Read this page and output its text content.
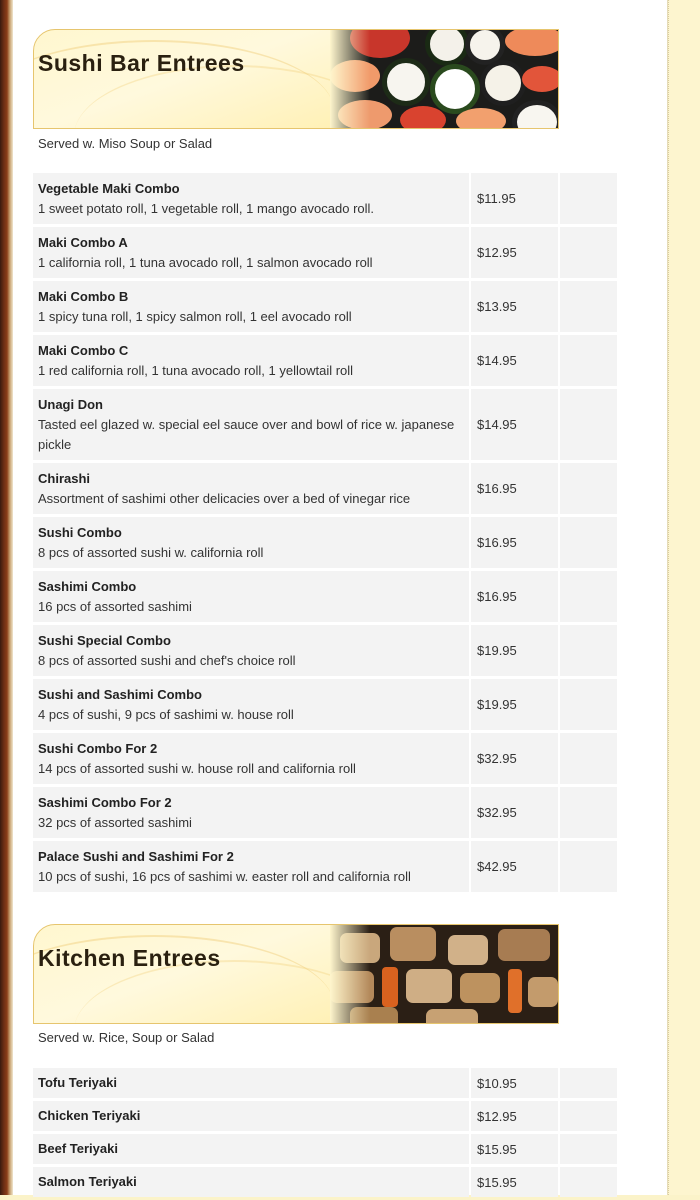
Sushi Bar Entrees

Served w. Miso Soup or Salad

Vegetable Maki Combo
1 sweet potato roll, 1 vegetable roll, 1 mango avocado roll.
$11.95
Maki Combo A
1 california roll, 1 tuna avocado roll, 1 salmon avocado roll
$12.95
Maki Combo B
1 spicy tuna roll, 1 spicy salmon roll, 1 eel avocado roll
$13.95
Maki Combo C
1 red california roll, 1 tuna avocado roll, 1 yellowtail roll
$14.95
Unagi Don
Tasted eel glazed w. special eel sauce over and bowl of rice w. japanese pickle
$14.95
Chirashi
Assortment of sashimi other delicacies over a bed of vinegar rice
$16.95
Sushi Combo
8 pcs of assorted sushi w. california roll
$16.95
Sashimi Combo
16 pcs of assorted sashimi
$16.95
Sushi Special Combo
8 pcs of assorted sushi and chef's choice roll
$19.95
Sushi and Sashimi Combo
4 pcs of sushi, 9 pcs of sashimi w. house roll
$19.95
Sushi Combo For 2
14 pcs of assorted sushi w. house roll and california roll
$32.95
Sashimi Combo For 2
32 pcs of assorted sashimi
$32.95
Palace Sushi and Sashimi For 2
10 pcs of sushi, 16 pcs of sashimi w. easter roll and california roll
$42.95
Kitchen Entrees

Served w. Rice, Soup or Salad

Tofu Teriyaki	$10.95
Chicken Teriyaki	$12.95
Beef Teriyaki	$15.95
Salmon Teriyaki	$15.95
